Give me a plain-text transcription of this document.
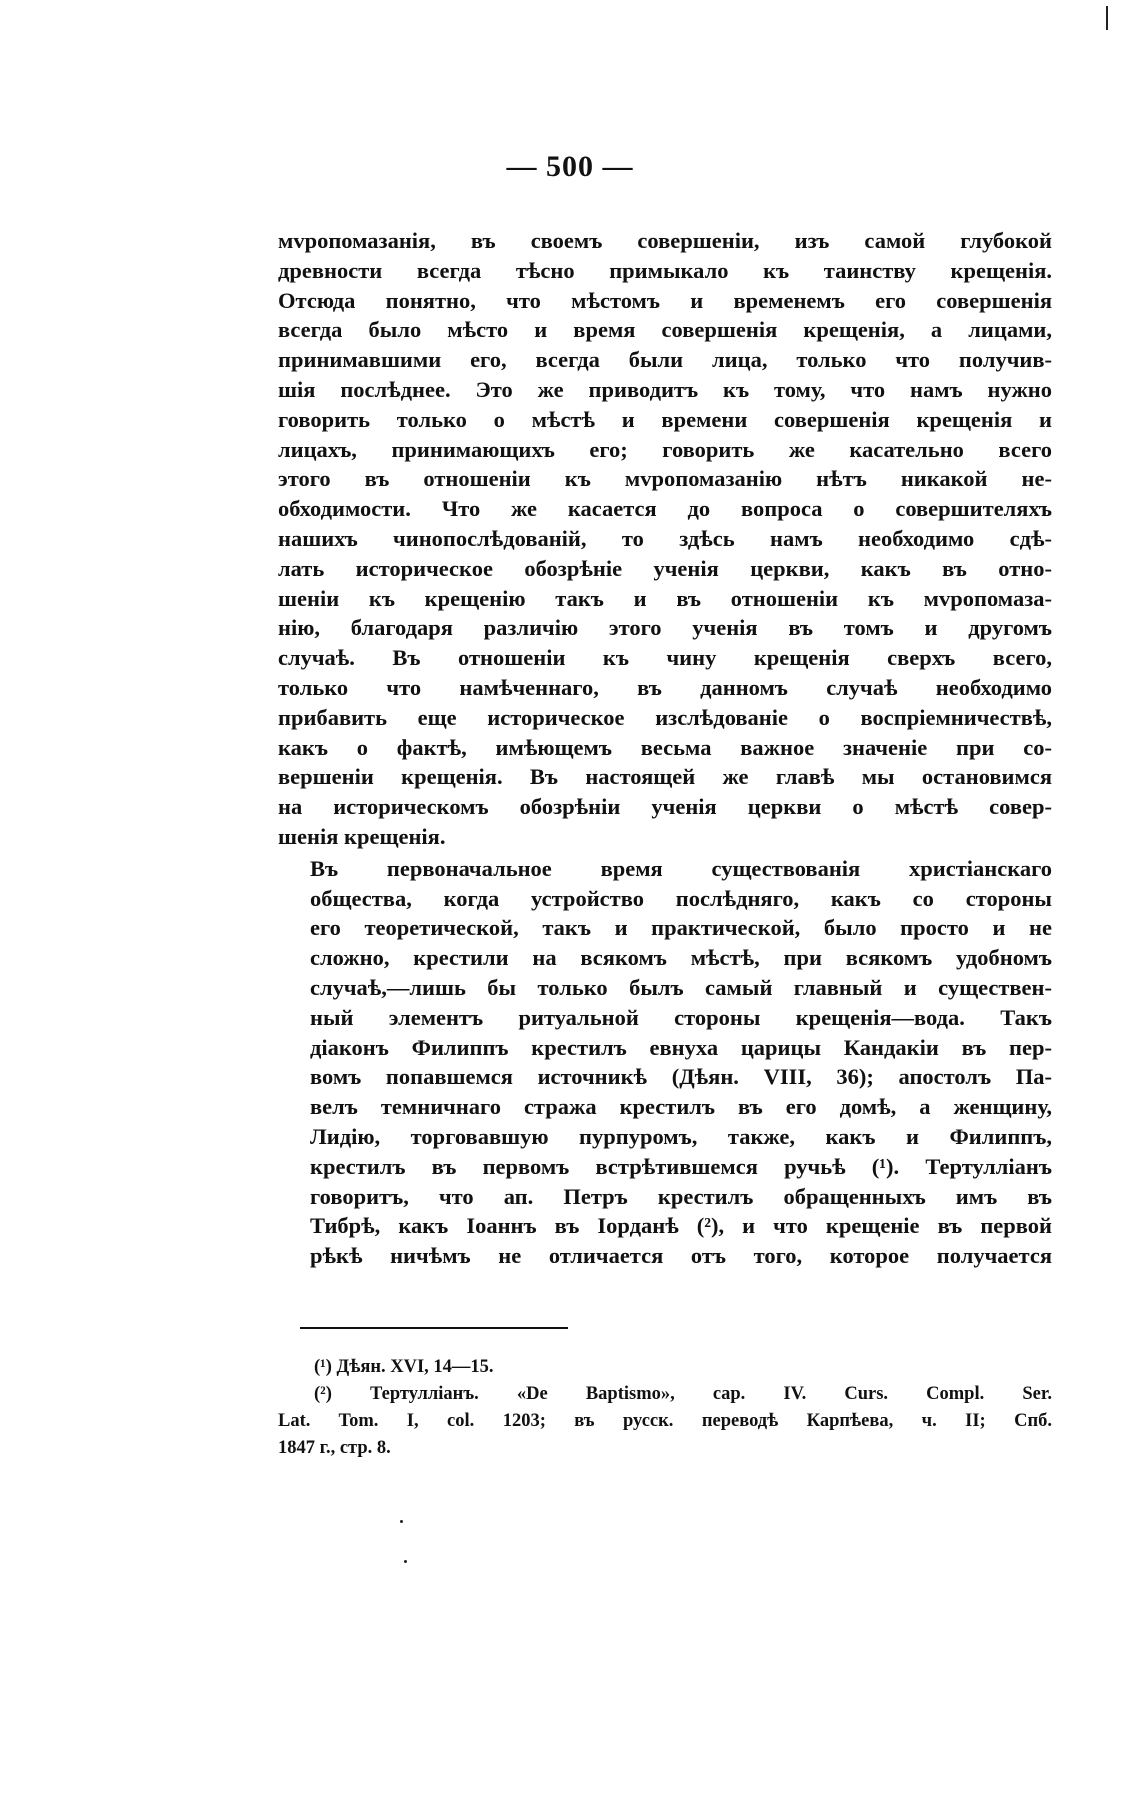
— 500 —

мvропомазанія, въ своемъ совершеніи, изъ самой глубокой
древности всегда тѣсно примыкало къ таинству крещенія.
Отсюда понятно, что мѣстомъ и временемъ его совершенія
всегда было мѣсто и время совершенія крещенія, а лицами,
принимавшими его, всегда были лица, только что получив-
шія послѣднее. Это же приводитъ къ тому, что намъ нужно
говорить только о мѣстѣ и времени совершенія крещенія и
лицахъ, принимающихъ его; говорить же касательно всего
этого въ отношеніи къ мvропомазанію нѣтъ никакой не-
обходимости. Что же касается до вопроса о совершителяхъ
нашихъ чинопослѣдованій, то здѣсь намъ необходимо сдѣ-
лать историческое обозрѣніе ученія церкви, какъ въ отно-
шеніи къ крещенію такъ и въ отношеніи къ мvропомаза-
нію, благодаря различію этого ученія въ томъ и другомъ
случаѣ. Въ отношеніи къ чину крещенія сверхъ всего,
только что намѣченнаго, въ данномъ случаѣ необходимо
прибавить еще историческое изслѣдованіе о воспріемничествѣ,
какъ о фактѣ, имѣющемъ весьма важное значеніе при со-
вершеніи крещенія. Въ настоящей же главѣ мы остановимся
на историческомъ обозрѣніи ученія церкви о мѣстѣ совер-
шенія крещенія.

Въ первоначальное время существованія христіанскаго
общества, когда устройство послѣдняго, какъ со стороны
его теоретической, такъ и практической, было просто и не
сложно, крестили на всякомъ мѣстѣ, при всякомъ удобномъ
случаѣ,—лишь бы только былъ самый главный и существен-
ный элементъ ритуальной стороны крещенія—вода. Такъ
діаконъ Филиппъ крестилъ евнуха царицы Кандакіи въ пер-
вомъ попавшемся источникѣ (Дѣян. VIII, 36); апостолъ Па-
велъ темничнаго стража крестилъ въ его домѣ, а женщину,
Лидію, торговавшую пурпуромъ, также, какъ и Филиппъ,
крестилъ въ первомъ встрѣтившемся ручьѣ (¹). Тертулліанъ
говоритъ, что ап. Петръ крестилъ обращенныхъ имъ въ
Тибрѣ, какъ Іоаннъ въ Іорданѣ (²), и что крещеніе въ первой
рѣкѣ ничѣмъ не отличается отъ того, которое получается

(¹) Дѣян. XVI, 14—15.
(²) Тертулліанъ. «De Baptismo», cap. IV. Curs. Compl. Ser.
Lat. Tom. I, col. 1203; въ русск. переводѣ Карпѣева, ч. II; Спб.
1847 г., стр. 8.
